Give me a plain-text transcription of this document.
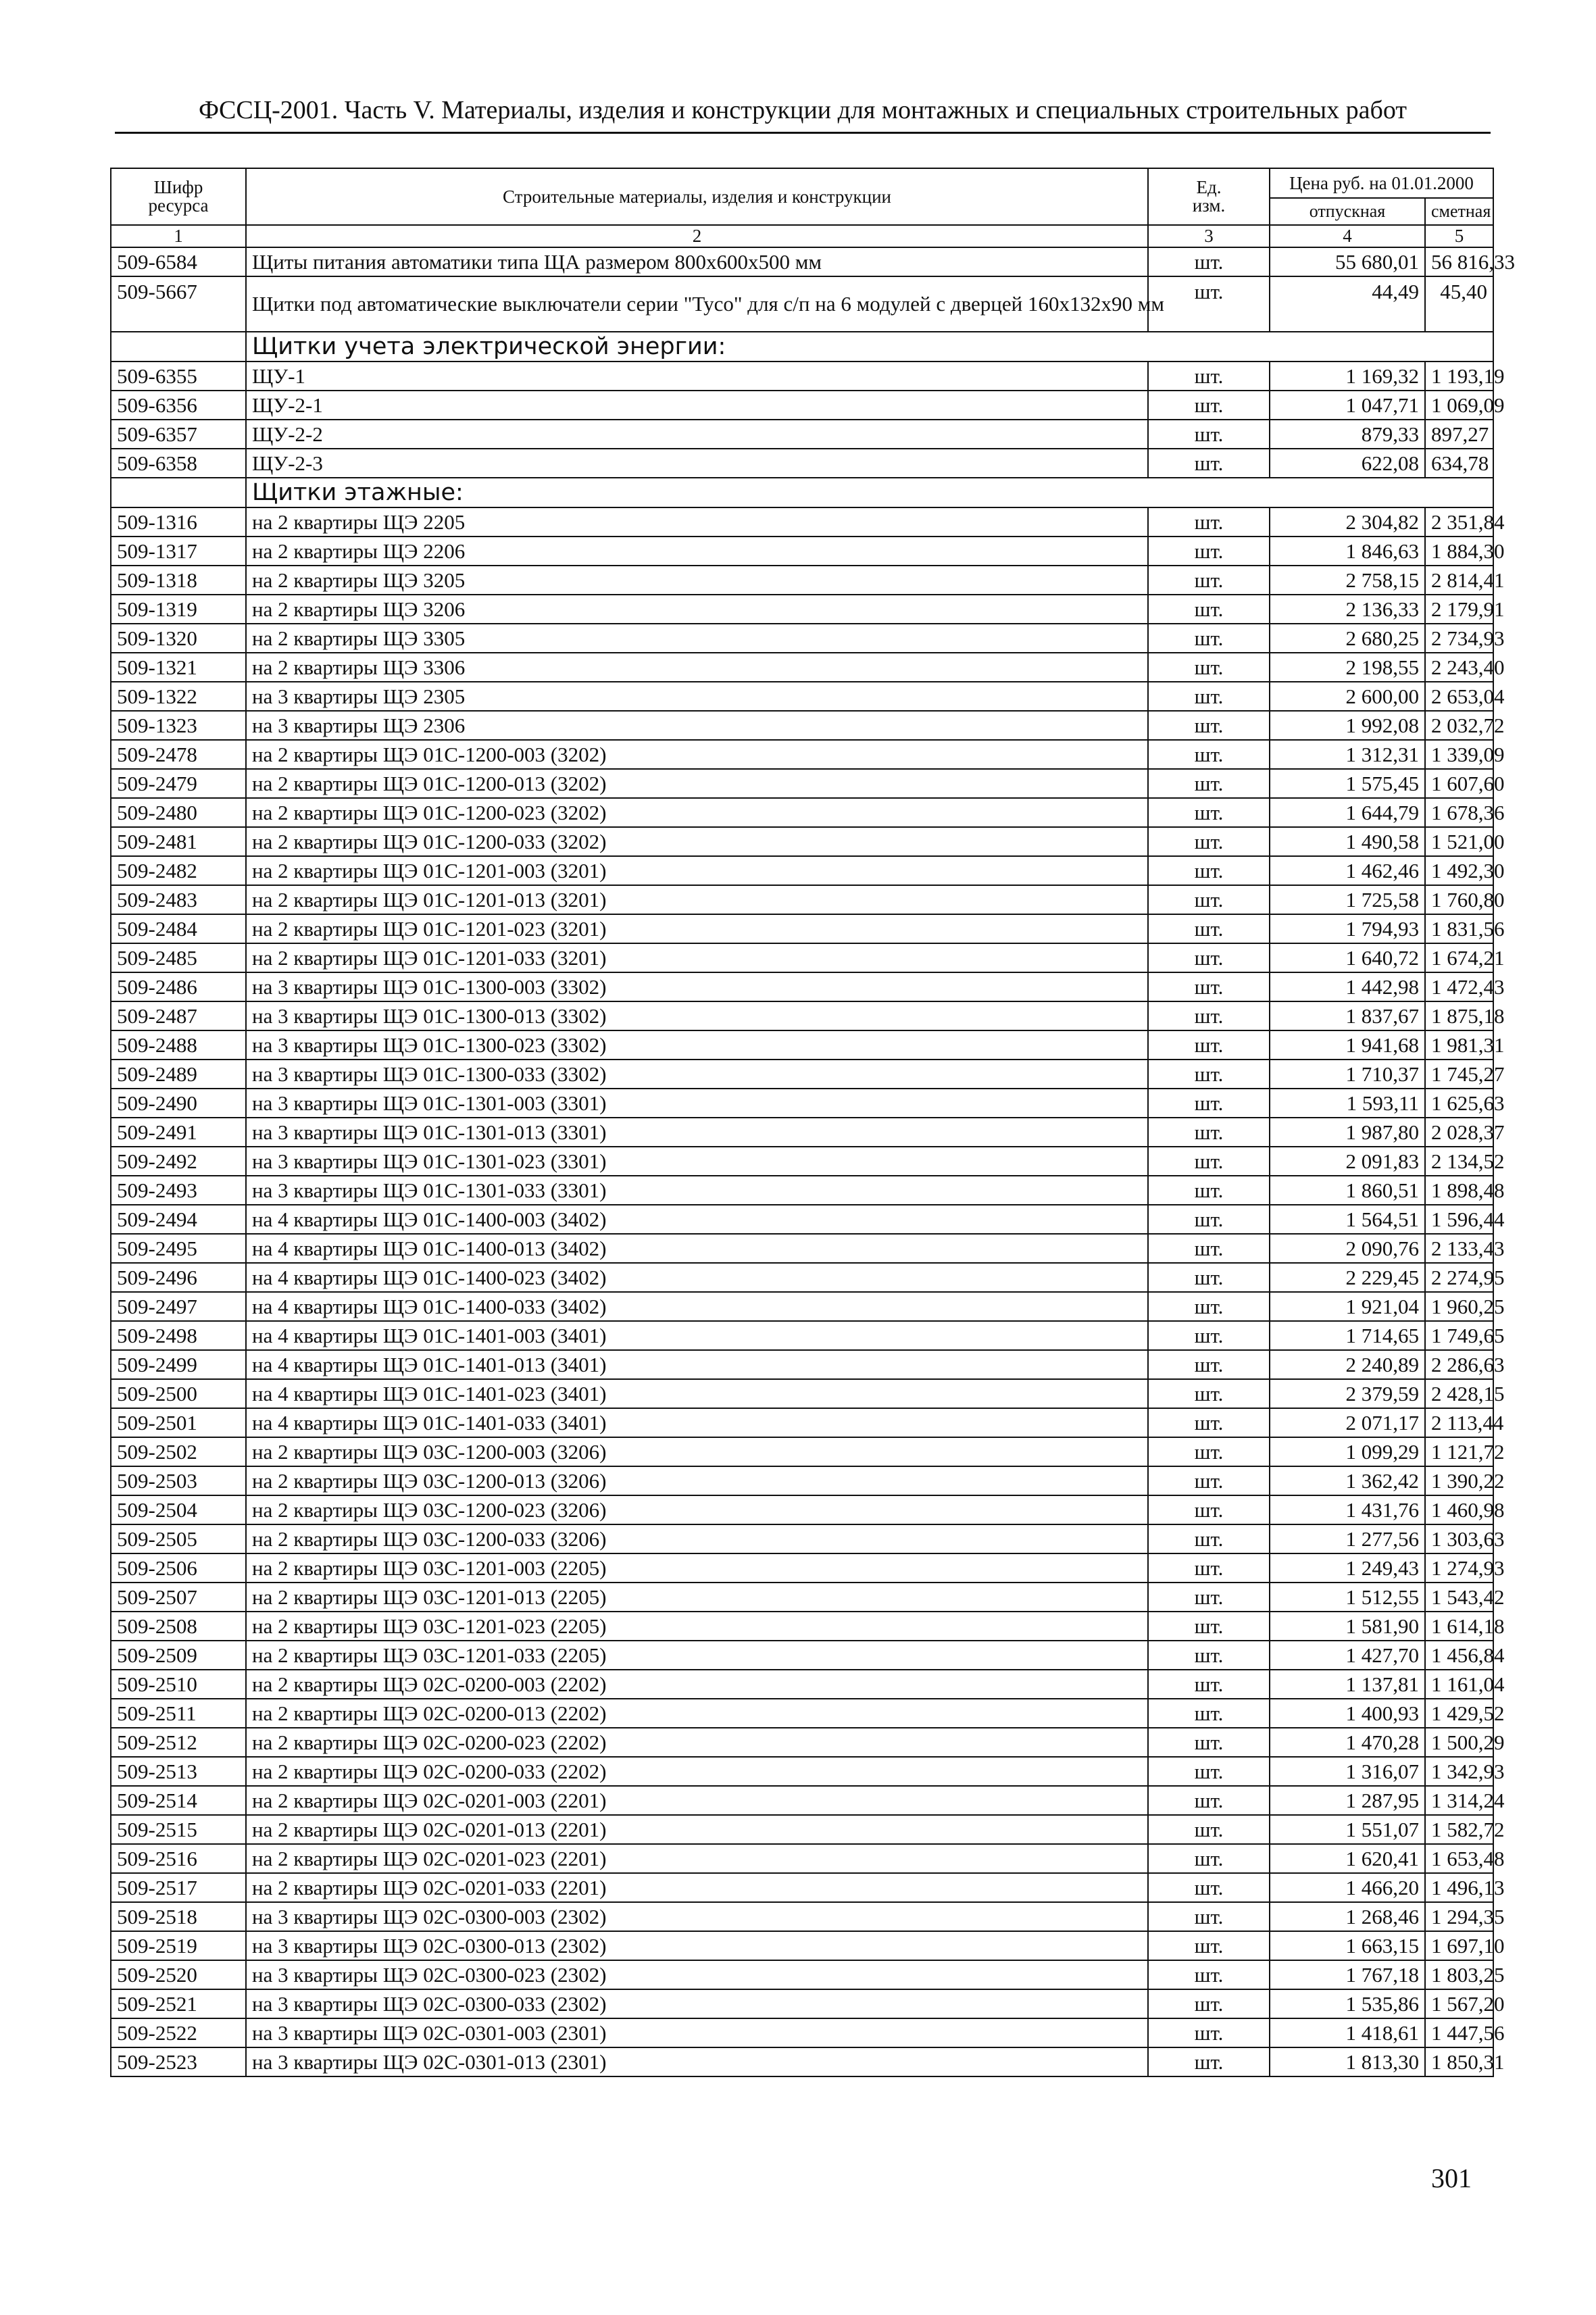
ФССЦ-2001. Часть V. Материалы, изделия и конструкции для монтажных и специальных строительных работ
Шифр
ресурса	Строительные материалы, изделия и конструкции	Ед.
изм.	Цена руб. на 01.01.2000	
			отпускная	сметная
1	2	3	4	5
509-6584	Щиты питания автоматики типа ЩА размером 800х600х500 мм	шт.	55 680,01	56 816,33
509-5667	Щитки под автоматические выключатели серии "Tyco" для с/п на 6 модулей с дверцей 160х132х90 мм	шт.	44,49	45,40
	Щитки учета электрической энергии:			
509-6355	ЩУ-1	шт.	1 169,32	1 193,19
509-6356	ЩУ-2-1	шт.	1 047,71	1 069,09
509-6357	ЩУ-2-2	шт.	879,33	897,27
509-6358	ЩУ-2-3	шт.	622,08	634,78
	Щитки этажные:			
509-1316	на 2 квартиры ЩЭ 2205	шт.	2 304,82	2 351,84
509-1317	на 2 квартиры ЩЭ 2206	шт.	1 846,63	1 884,30
509-1318	на 2 квартиры ЩЭ 3205	шт.	2 758,15	2 814,41
509-1319	на 2 квартиры ЩЭ 3206	шт.	2 136,33	2 179,91
509-1320	на 2 квартиры ЩЭ 3305	шт.	2 680,25	2 734,93
509-1321	на 2 квартиры ЩЭ 3306	шт.	2 198,55	2 243,40
509-1322	на 3 квартиры ЩЭ 2305	шт.	2 600,00	2 653,04
509-1323	на 3 квартиры ЩЭ 2306	шт.	1 992,08	2 032,72
509-2478	на 2 квартиры ЩЭ 01С-1200-003 (3202)	шт.	1 312,31	1 339,09
509-2479	на 2 квартиры ЩЭ 01С-1200-013 (3202)	шт.	1 575,45	1 607,60
509-2480	на 2 квартиры ЩЭ 01С-1200-023 (3202)	шт.	1 644,79	1 678,36
509-2481	на 2 квартиры ЩЭ 01С-1200-033 (3202)	шт.	1 490,58	1 521,00
509-2482	на 2 квартиры ЩЭ 01С-1201-003 (3201)	шт.	1 462,46	1 492,30
509-2483	на 2 квартиры ЩЭ 01С-1201-013 (3201)	шт.	1 725,58	1 760,80
509-2484	на 2 квартиры ЩЭ 01С-1201-023 (3201)	шт.	1 794,93	1 831,56
509-2485	на 2 квартиры ЩЭ 01С-1201-033 (3201)	шт.	1 640,72	1 674,21
509-2486	на 3 квартиры ЩЭ 01С-1300-003 (3302)	шт.	1 442,98	1 472,43
509-2487	на 3 квартиры ЩЭ 01С-1300-013 (3302)	шт.	1 837,67	1 875,18
509-2488	на 3 квартиры ЩЭ 01С-1300-023 (3302)	шт.	1 941,68	1 981,31
509-2489	на 3 квартиры ЩЭ 01С-1300-033 (3302)	шт.	1 710,37	1 745,27
509-2490	на 3 квартиры ЩЭ 01С-1301-003 (3301)	шт.	1 593,11	1 625,63
509-2491	на 3 квартиры ЩЭ 01С-1301-013 (3301)	шт.	1 987,80	2 028,37
509-2492	на 3 квартиры ЩЭ 01С-1301-023 (3301)	шт.	2 091,83	2 134,52
509-2493	на 3 квартиры ЩЭ 01С-1301-033 (3301)	шт.	1 860,51	1 898,48
509-2494	на 4 квартиры ЩЭ 01С-1400-003 (3402)	шт.	1 564,51	1 596,44
509-2495	на 4 квартиры ЩЭ 01С-1400-013 (3402)	шт.	2 090,76	2 133,43
509-2496	на 4 квартиры ЩЭ 01С-1400-023 (3402)	шт.	2 229,45	2 274,95
509-2497	на 4 квартиры ЩЭ 01С-1400-033 (3402)	шт.	1 921,04	1 960,25
509-2498	на 4 квартиры ЩЭ 01С-1401-003 (3401)	шт.	1 714,65	1 749,65
509-2499	на 4 квартиры ЩЭ 01С-1401-013 (3401)	шт.	2 240,89	2 286,63
509-2500	на 4 квартиры ЩЭ 01С-1401-023 (3401)	шт.	2 379,59	2 428,15
509-2501	на 4 квартиры ЩЭ 01С-1401-033 (3401)	шт.	2 071,17	2 113,44
509-2502	на 2 квартиры ЩЭ 03С-1200-003 (3206)	шт.	1 099,29	1 121,72
509-2503	на 2 квартиры ЩЭ 03С-1200-013 (3206)	шт.	1 362,42	1 390,22
509-2504	на 2 квартиры ЩЭ 03С-1200-023 (3206)	шт.	1 431,76	1 460,98
509-2505	на 2 квартиры ЩЭ 03С-1200-033 (3206)	шт.	1 277,56	1 303,63
509-2506	на 2 квартиры ЩЭ 03С-1201-003 (2205)	шт.	1 249,43	1 274,93
509-2507	на 2 квартиры ЩЭ 03С-1201-013 (2205)	шт.	1 512,55	1 543,42
509-2508	на 2 квартиры ЩЭ 03С-1201-023 (2205)	шт.	1 581,90	1 614,18
509-2509	на 2 квартиры ЩЭ 03С-1201-033 (2205)	шт.	1 427,70	1 456,84
509-2510	на 2 квартиры ЩЭ 02С-0200-003 (2202)	шт.	1 137,81	1 161,04
509-2511	на 2 квартиры ЩЭ 02С-0200-013 (2202)	шт.	1 400,93	1 429,52
509-2512	на 2 квартиры ЩЭ 02С-0200-023 (2202)	шт.	1 470,28	1 500,29
509-2513	на 2 квартиры ЩЭ 02С-0200-033 (2202)	шт.	1 316,07	1 342,93
509-2514	на 2 квартиры ЩЭ 02С-0201-003 (2201)	шт.	1 287,95	1 314,24
509-2515	на 2 квартиры ЩЭ 02С-0201-013 (2201)	шт.	1 551,07	1 582,72
509-2516	на 2 квартиры ЩЭ 02С-0201-023 (2201)	шт.	1 620,41	1 653,48
509-2517	на 2 квартиры ЩЭ 02С-0201-033 (2201)	шт.	1 466,20	1 496,13
509-2518	на 3 квартиры ЩЭ 02С-0300-003 (2302)	шт.	1 268,46	1 294,35
509-2519	на 3 квартиры ЩЭ 02С-0300-013 (2302)	шт.	1 663,15	1 697,10
509-2520	на 3 квартиры ЩЭ 02С-0300-023 (2302)	шт.	1 767,18	1 803,25
509-2521	на 3 квартиры ЩЭ 02С-0300-033 (2302)	шт.	1 535,86	1 567,20
509-2522	на 3 квартиры ЩЭ 02С-0301-003 (2301)	шт.	1 418,61	1 447,56
509-2523	на 3 квартиры ЩЭ 02С-0301-013 (2301)	шт.	1 813,30	1 850,31
301
